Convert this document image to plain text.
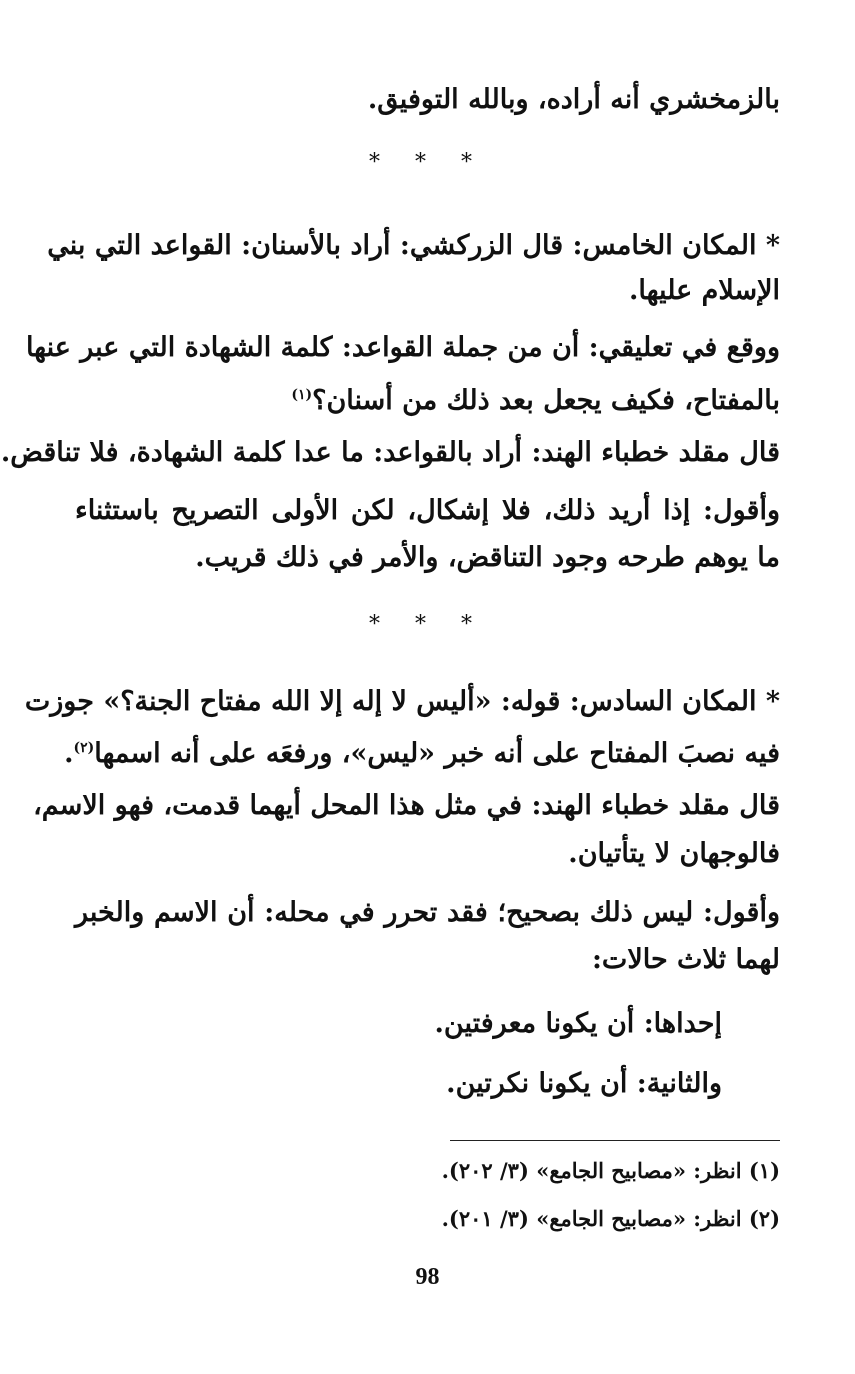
بالزمخشري أنه أراده، وبالله التوفيق.
* * *
* المكان الخامس: قال الزركشي: أراد بالأسنان: القواعد التي بني
الإسلام عليها.
ووقع في تعليقي: أن من جملة القواعد: كلمة الشهادة التي عبر عنها
بالمفتاح، فكيف يجعل بعد ذلك من أسنان؟$^{(١)}$
قال مقلد خطباء الهند: أراد بالقواعد: ما عدا كلمة الشهادة، فلا تناقض.
وأقول: إذا أريد ذلك، فلا إشكال، لكن الأولى التصريح باستثناء
ما يوهم طرحه وجود التناقض، والأمر في ذلك قريب.
* * *
* المكان السادس: قوله: «أليس لا إله إلا الله مفتاح الجنة؟» جوزت
فيه نصبَ المفتاح على أنه خبر «ليس»، ورفعَه على أنه اسمها$^{(٢)}$.
قال مقلد خطباء الهند: في مثل هذا المحل أيهما قدمت، فهو الاسم،
فالوجهان لا يتأتيان.
وأقول: ليس ذلك بصحيح؛ فقد تحرر في محله: أن الاسم والخبر
لهما ثلاث حالات:
إحداها: أن يكونا معرفتين.
والثانية: أن يكونا نكرتين.
(١) انظر: «مصابيح الجامع» (٣/ ٢٠٢).
(٢) انظر: «مصابيح الجامع» (٣/ ٢٠١).
98
